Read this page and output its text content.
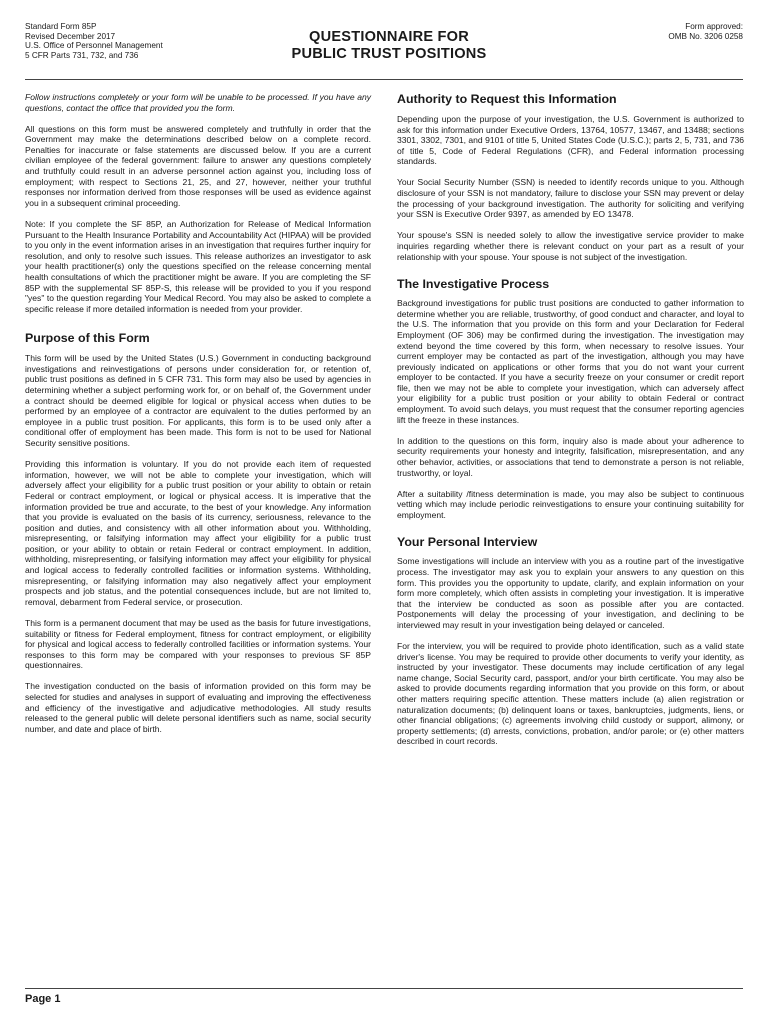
Standard Form 85P
Revised December 2017
U.S. Office of Personnel Management
5 CFR Parts 731, 732, and 736
QUESTIONNAIRE FOR
PUBLIC TRUST POSITIONS
Form approved:
OMB No. 3206 0258

Follow instructions completely or your form will be unable to be processed. If you have any questions, contact the office that provided you the form.

All questions on this form must be answered completely and truthfully in order that the Government may make the determinations described below on a complete record. Penalties for inaccurate or false statements are discussed below. If you are a current civilian employee of the federal government: failure to answer any questions completely and truthfully could result in an adverse personnel action against you, including loss of employment; with respect to Sections 21, 25, and 27, however, neither your truthful responses nor information derived from those responses will be used as evidence against you in a subsequent criminal proceeding.

Note: If you complete the SF 85P, an Authorization for Release of Medical Information Pursuant to the Health Insurance Portability and Accountability Act (HIPAA) will be provided to you only in the event information arises in an investigation that requires further inquiry for resolution, and only to resolve such issues. This release authorizes an investigator to ask your health practitioner(s) only the questions specified on the release concerning mental health consultations of which the practitioner might be aware. If you are completing the SF 85P with the supplemental SF 85P-S, this release will be provided to you if you respond "yes" to the question regarding Your Medical Record. You may also be asked to complete a specific release if more detailed information is needed from your provider.

Purpose of this Form

This form will be used by the United States (U.S.) Government in conducting background investigations and reinvestigations of persons under consideration for, or retention of, public trust positions as defined in 5 CFR 731. This form may also be used by agencies in determining whether a subject performing work for, or on behalf of, the Government under a contract should be deemed eligible for logical or physical access when duties to be performed by an employee of a contractor are equivalent to the duties performed by an employee in a public trust position. For applicants, this form is to be used only after a conditional offer of employment has been made. This form is not to be used for National Security sensitive positions.

Providing this information is voluntary. If you do not provide each item of requested information, however, we will not be able to complete your investigation, which will adversely affect your eligibility for a public trust position or your ability to obtain or retain Federal or contract employment, or logical or physical access. It is imperative that the information provided be true and accurate, to the best of your knowledge. Any information that you provide is evaluated on the basis of its currency, seriousness, relevance to the position and duties, and consistency with all other information about you. Withholding, misrepresenting, or falsifying information may affect your eligibility for a public trust position, or your ability to obtain or retain Federal or contract employment. In addition, withholding, misrepresenting, or falsifying information may affect your eligibility for physical and logical access to federally controlled facilities or information systems. Withholding, misrepresenting, or falsifying information may also negatively affect your employment prospects and job status, and the potential consequences include, but are not limited to, removal, debarment from Federal service, or prosecution.

This form is a permanent document that may be used as the basis for future investigations, suitability or fitness for Federal employment, fitness for contract employment, or eligibility for physical and logical access to federally controlled facilities or information systems. Your responses to this form may be compared with your responses to previous SF 85P questionnaires.

The investigation conducted on the basis of information provided on this form may be selected for studies and analyses in support of evaluating and improving the effectiveness and efficiency of the investigative and adjudicative methodologies. All study results released to the general public will delete personal identifiers such as name, social security number, and date and place of birth.

Authority to Request this Information

Depending upon the purpose of your investigation, the U.S. Government is authorized to ask for this information under Executive Orders, 13764, 10577, 13467, and 13488; sections 3301, 3302, 7301, and 9101 of title 5, United States Code (U.S.C.); parts 2, 5, 731, and 736 of title 5, Code of Federal Regulations (CFR), and Federal information processing standards.

Your Social Security Number (SSN) is needed to identify records unique to you. Although disclosure of your SSN is not mandatory, failure to disclose your SSN may prevent or delay the processing of your background investigation. The authority for soliciting and verifying your SSN is Executive Order 9397, as amended by EO 13478.

Your spouse's SSN is needed solely to allow the investigative service provider to make inquiries regarding whether there is relevant conduct on your part as a result of your relationship with your spouse. Your spouse is not subject of the investigation.

The Investigative Process

Background investigations for public trust positions are conducted to gather information to determine whether you are reliable, trustworthy, of good conduct and character, and loyal to the U.S. The information that you provide on this form and your Declaration for Federal Employment (OF 306) may be confirmed during the investigation. The investigation may extend beyond the time covered by this form, when necessary to resolve issues. Your current employer may be contacted as part of the investigation, although you may have previously indicated on applications or other forms that you do not want your current employer to be contacted. If you have a security freeze on your consumer or credit report file, then we may not be able to complete your investigation, which can adversely affect your eligibility for a public trust position or your ability to obtain Federal or contract employment. To avoid such delays, you must request that the consumer reporting agencies lift the freeze in these instances.

In addition to the questions on this form, inquiry also is made about your adherence to security requirements your honesty and integrity, falsification, misrepresentation, and any other behavior, activities, or associations that tend to demonstrate a person is not reliable, trustworthy, or loyal.

After a suitability /fitness determination is made, you may also be subject to continuous vetting which may include periodic reinvestigations to ensure your continuing suitability for employment.

Your Personal Interview

Some investigations will include an interview with you as a routine part of the investigative process. The investigator may ask you to explain your answers to any question on this form. This provides you the opportunity to update, clarify, and explain information on your form more completely, which often assists in completing your investigation. It is imperative that the interview be conducted as soon as possible after you are contacted. Postponements will delay the processing of your investigation, and declining to be interviewed may result in your investigation being delayed or canceled.

For the interview, you will be required to provide photo identification, such as a valid state driver's license. You may be required to provide other documents to verify your identity, as instructed by your investigator. These documents may include certification of any legal name change, Social Security card, passport, and/or your birth certificate. You may also be asked to provide documents regarding information that you provide on this form, or about other matters requiring specific attention. These matters include (a) alien registration or naturalization documents; (b) delinquent loans or taxes, bankruptcies, judgments, liens, or other financial obligations; (c) agreements involving child custody or support, alimony, or property settlements; (d) arrests, convictions, probation, and/or parole; or (e) other matters described in court records.

Page 1
